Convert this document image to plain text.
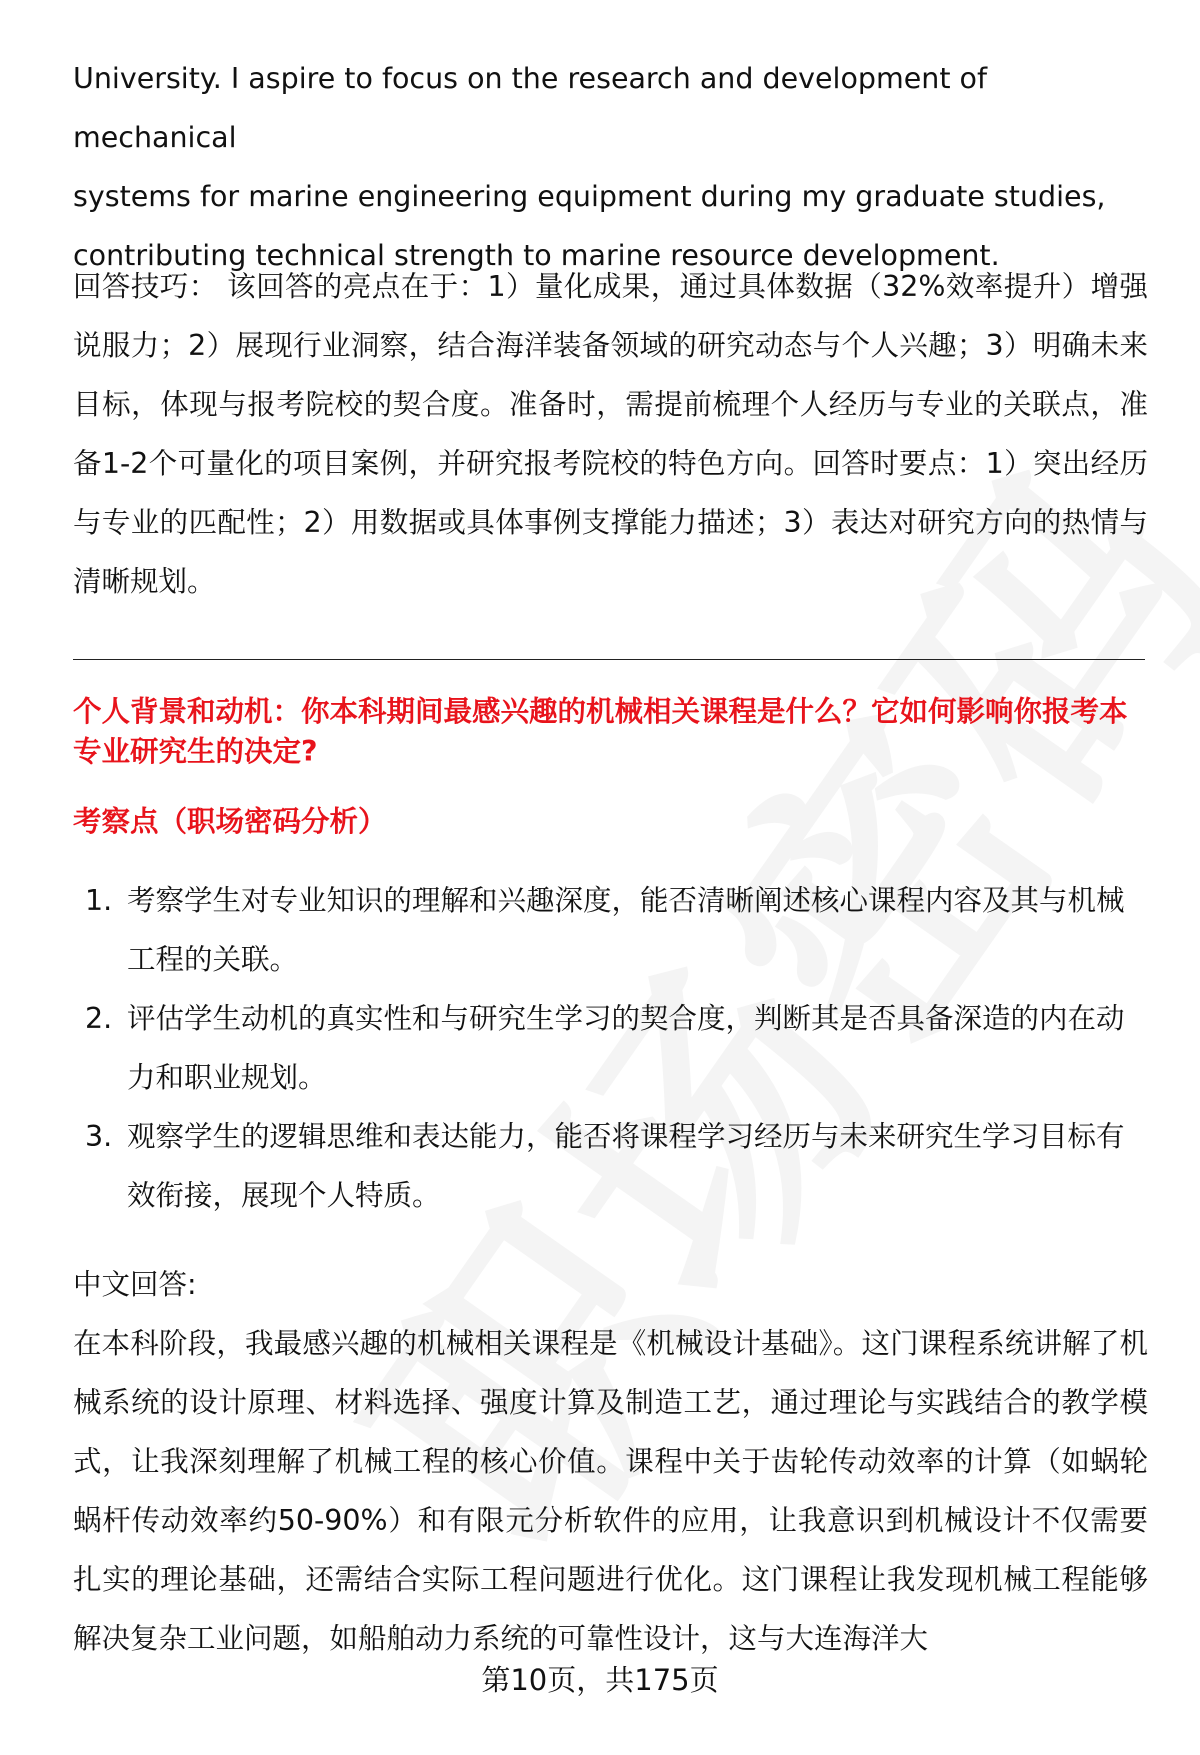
University. I aspire to focus on the research and development of mechanical
systems for marine engineering equipment during my graduate studies,
contributing technical strength to marine resource development.
回答技巧： 该回答的亮点在于：1）量化成果，通过具体数据（32%效率提升）增强说服力；2）展现行业洞察，结合海洋装备领域的研究动态与个人兴趣；3）明确未来目标，体现与报考院校的契合度。准备时，需提前梳理个人经历与专业的关联点，准备1-2个可量化的项目案例，并研究报考院校的特色方向。回答时要点：1）突出经历与专业的匹配性；2）用数据或具体事例支撑能力描述；3）表达对研究方向的热情与清晰规划。
个人背景和动机：你本科期间最感兴趣的机械相关课程是什么？它如何影响你报考本专业研究生的决定?
考察点（职场密码分析）
1. 考察学生对专业知识的理解和兴趣深度，能否清晰阐述核心课程内容及其与机械工程的关联。
2. 评估学生动机的真实性和与研究生学习的契合度，判断其是否具备深造的内在动力和职业规划。
3. 观察学生的逻辑思维和表达能力，能否将课程学习经历与未来研究生学习目标有效衔接，展现个人特质。
中文回答:
在本科阶段，我最感兴趣的机械相关课程是《机械设计基础》。这门课程系统讲解了机械系统的设计原理、材料选择、强度计算及制造工艺，通过理论与实践结合的教学模式，让我深刻理解了机械工程的核心价值。课程中关于齿轮传动效率的计算（如蜗轮蜗杆传动效率约50-90%）和有限元分析软件的应用，让我意识到机械设计不仅需要扎实的理论基础，还需结合实际工程问题进行优化。这门课程让我发现机械工程能够解决复杂工业问题，如船舶动力系统的可靠性设计，这与大连海洋大
第10页，共175页
